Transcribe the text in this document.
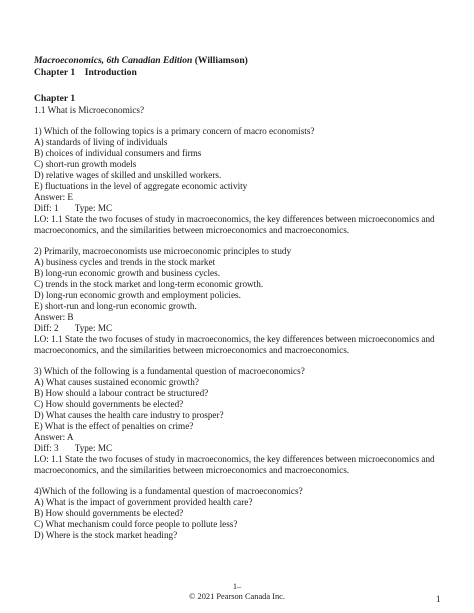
Macroeconomics, 6th Canadian Edition (Williamson)
Chapter 1 Introduction
Chapter 1
1.1 What is Microeconomics?
1) Which of the following topics is a primary concern of macro economists?
A) standards of living of individuals
B) choices of individual consumers and firms
C) short-run growth models
D) relative wages of skilled and unskilled workers.
E) fluctuations in the level of aggregate economic activity
Answer: E
Diff: 1 Type: MC
LO: 1.1 State the two focuses of study in macroeconomics, the key differences between microeconomics and macroeconomics, and the similarities between microeconomics and macroeconomics.
2) Primarily, macroeconomists use microeconomic principles to study
A) business cycles and trends in the stock market
B) long-run economic growth and business cycles.
C) trends in the stock market and long-term economic growth.
D) long-run economic growth and employment policies.
E) short-run and long-run economic growth.
Answer: B
Diff: 2 Type: MC
LO: 1.1 State the two focuses of study in macroeconomics, the key differences between microeconomics and macroeconomics, and the similarities between microeconomics and macroeconomics.
3) Which of the following is a fundamental question of macroeconomics?
A) What causes sustained economic growth?
B) How should a labour contract be structured?
C) How should governments be elected?
D) What causes the health care industry to prosper?
E) What is the effect of penalties on crime?
Answer: A
Diff: 3 Type: MC
LO: 1.1 State the two focuses of study in macroeconomics, the key differences between microeconomics and macroeconomics, and the similarities between microeconomics and macroeconomics.
4)Which of the following is a fundamental question of macroeconomics?
A) What is the impact of government provided health care?
B) How should governments be elected?
C) What mechanism could force people to pollute less?
D) Where is the stock market heading?
1–
© 2021 Pearson Canada Inc.	1
